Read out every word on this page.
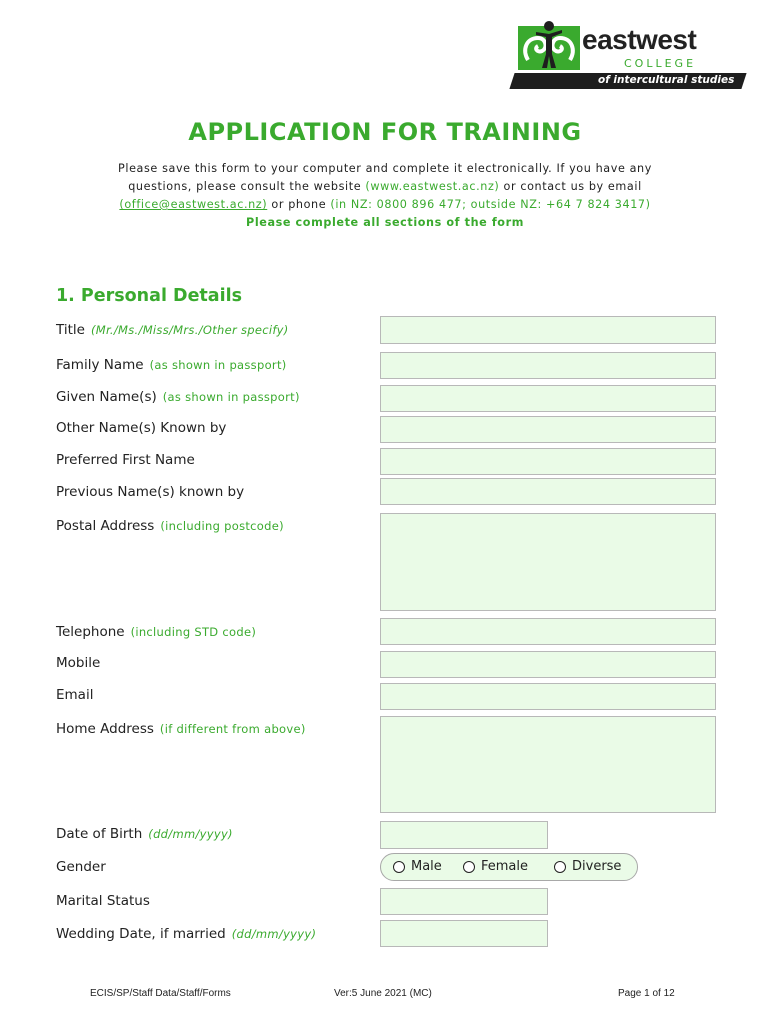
eastwest
COLLEGE
of intercultural studies
APPLICATION FOR TRAINING
Please save this form to your computer and complete it electronically. If you have any
questions, please consult the website (www.eastwest.ac.nz) or contact us by email
(office@eastwest.ac.nz) or phone (in NZ: 0800 896 477; outside NZ: +64 7 824 3417)
Please complete all sections of the form
1. Personal Details
Title (Mr./Ms./Miss/Mrs./Other specify)
Family Name (as shown in passport)
Given Name(s) (as shown in passport)
Other Name(s) Known by
Preferred First Name
Previous Name(s) known by
Postal Address (including postcode)
Telephone (including STD code)
Mobile
Email
Home Address (if different from above)
Date of Birth (dd/mm/yyyy)
Gender	Male	Female	Diverse
Marital Status
Wedding Date, if married (dd/mm/yyyy)
ECIS/SP/Staff Data/Staff/Forms	Ver:5 June 2021 (MC)	Page 1 of 12
